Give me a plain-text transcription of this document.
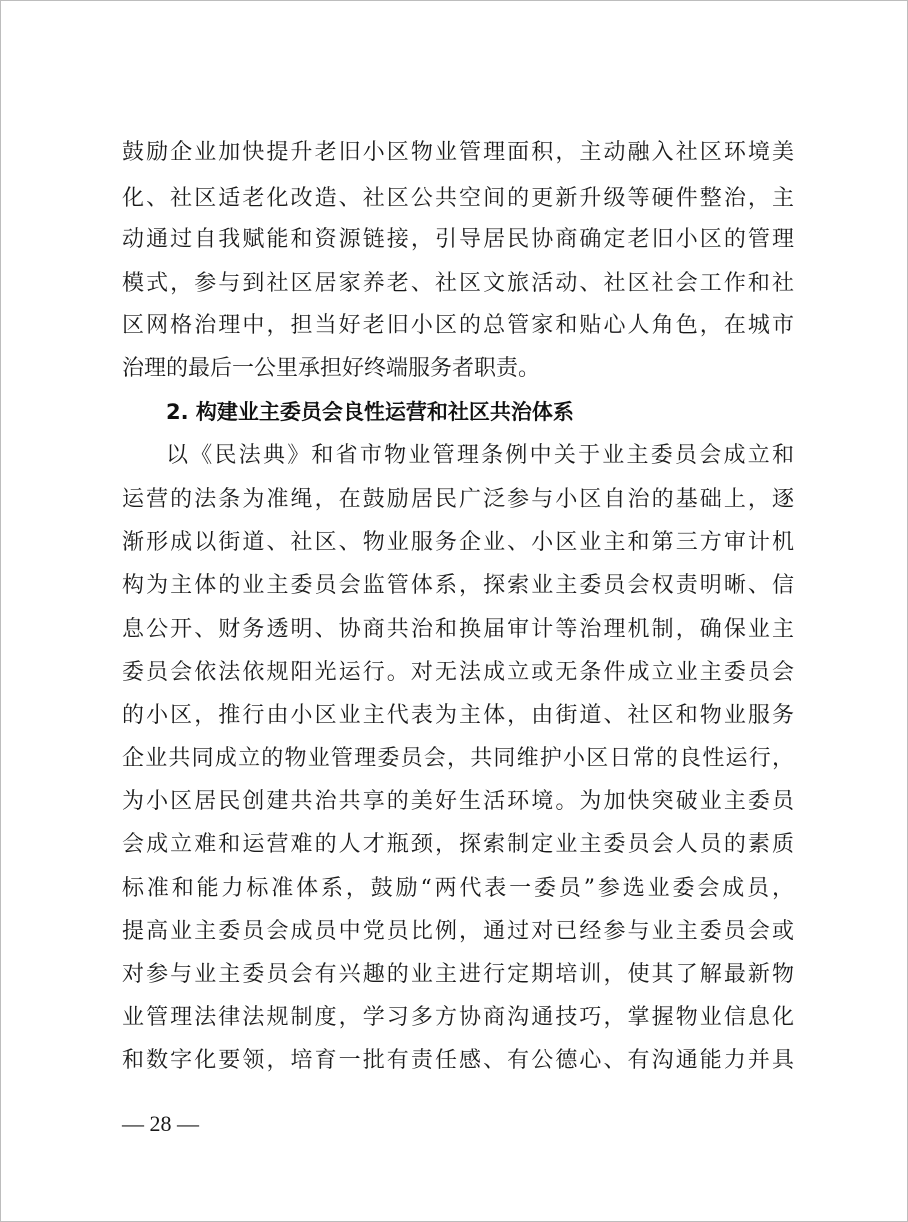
鼓励企业加快提升老旧小区物业管理面积，主动融入社区环境美
化、社区适老化改造、社区公共空间的更新升级等硬件整治，主
动通过自我赋能和资源链接，引导居民协商确定老旧小区的管理
模式，参与到社区居家养老、社区文旅活动、社区社会工作和社
区网格治理中，担当好老旧小区的总管家和贴心人角色，在城市
治理的最后一公里承担好终端服务者职责。
2. 构建业主委员会良性运营和社区共治体系
以《民法典》和省市物业管理条例中关于业主委员会成立和
运营的法条为准绳，在鼓励居民广泛参与小区自治的基础上，逐
渐形成以街道、社区、物业服务企业、小区业主和第三方审计机
构为主体的业主委员会监管体系，探索业主委员会权责明晰、信
息公开、财务透明、协商共治和换届审计等治理机制，确保业主
委员会依法依规阳光运行。对无法成立或无条件成立业主委员会
的小区，推行由小区业主代表为主体，由街道、社区和物业服务
企业共同成立的物业管理委员会，共同维护小区日常的良性运行，
为小区居民创建共治共享的美好生活环境。为加快突破业主委员
会成立难和运营难的人才瓶颈，探索制定业主委员会人员的素质
标准和能力标准体系，鼓励“两代表一委员”参选业委会成员，
提高业主委员会成员中党员比例，通过对已经参与业主委员会或
对参与业主委员会有兴趣的业主进行定期培训，使其了解最新物
业管理法律法规制度，学习多方协商沟通技巧，掌握物业信息化
和数字化要领，培育一批有责任感、有公德心、有沟通能力并具
— 28 —
